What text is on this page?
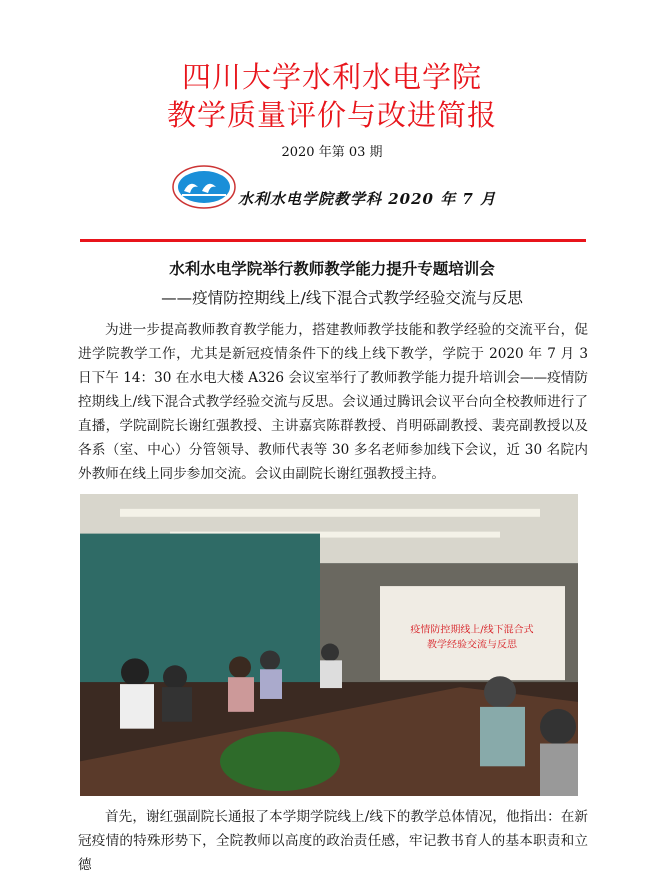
四川大学水利水电学院
教学质量评价与改进简报
2020 年第 03 期
水利水电学院教学科 2020 年 7 月
水利水电学院举行教师教学能力提升专题培训会
——疫情防控期线上/线下混合式教学经验交流与反思
为进一步提高教师教育教学能力，搭建教师教学技能和教学经验的交流平台，促进学院教学工作，尤其是新冠疫情条件下的线上线下教学，学院于 2020 年 7 月 3 日下午 14：30 在水电大楼 A326 会议室举行了教师教学能力提升培训会——疫情防控期线上/线下混合式教学经验交流与反思。会议通过腾讯会议平台向全校教师进行了直播，学院副院长谢红强教授、主讲嘉宾陈群教授、肖明砾副教授、裴亮副教授以及各系（室、中心）分管领导、教师代表等 30 多名老师参加线下会议，近 30 名院内外教师在线上同步参加交流。会议由副院长谢红强教授主持。
疫情防控期线上/线下混合式
教学经验交流与反思
首先，谢红强副院长通报了本学期学院线上/线下的教学总体情况，他指出：在新冠疫情的特殊形势下，全院教师以高度的政治责任感，牢记教书育人的基本职责和立德
